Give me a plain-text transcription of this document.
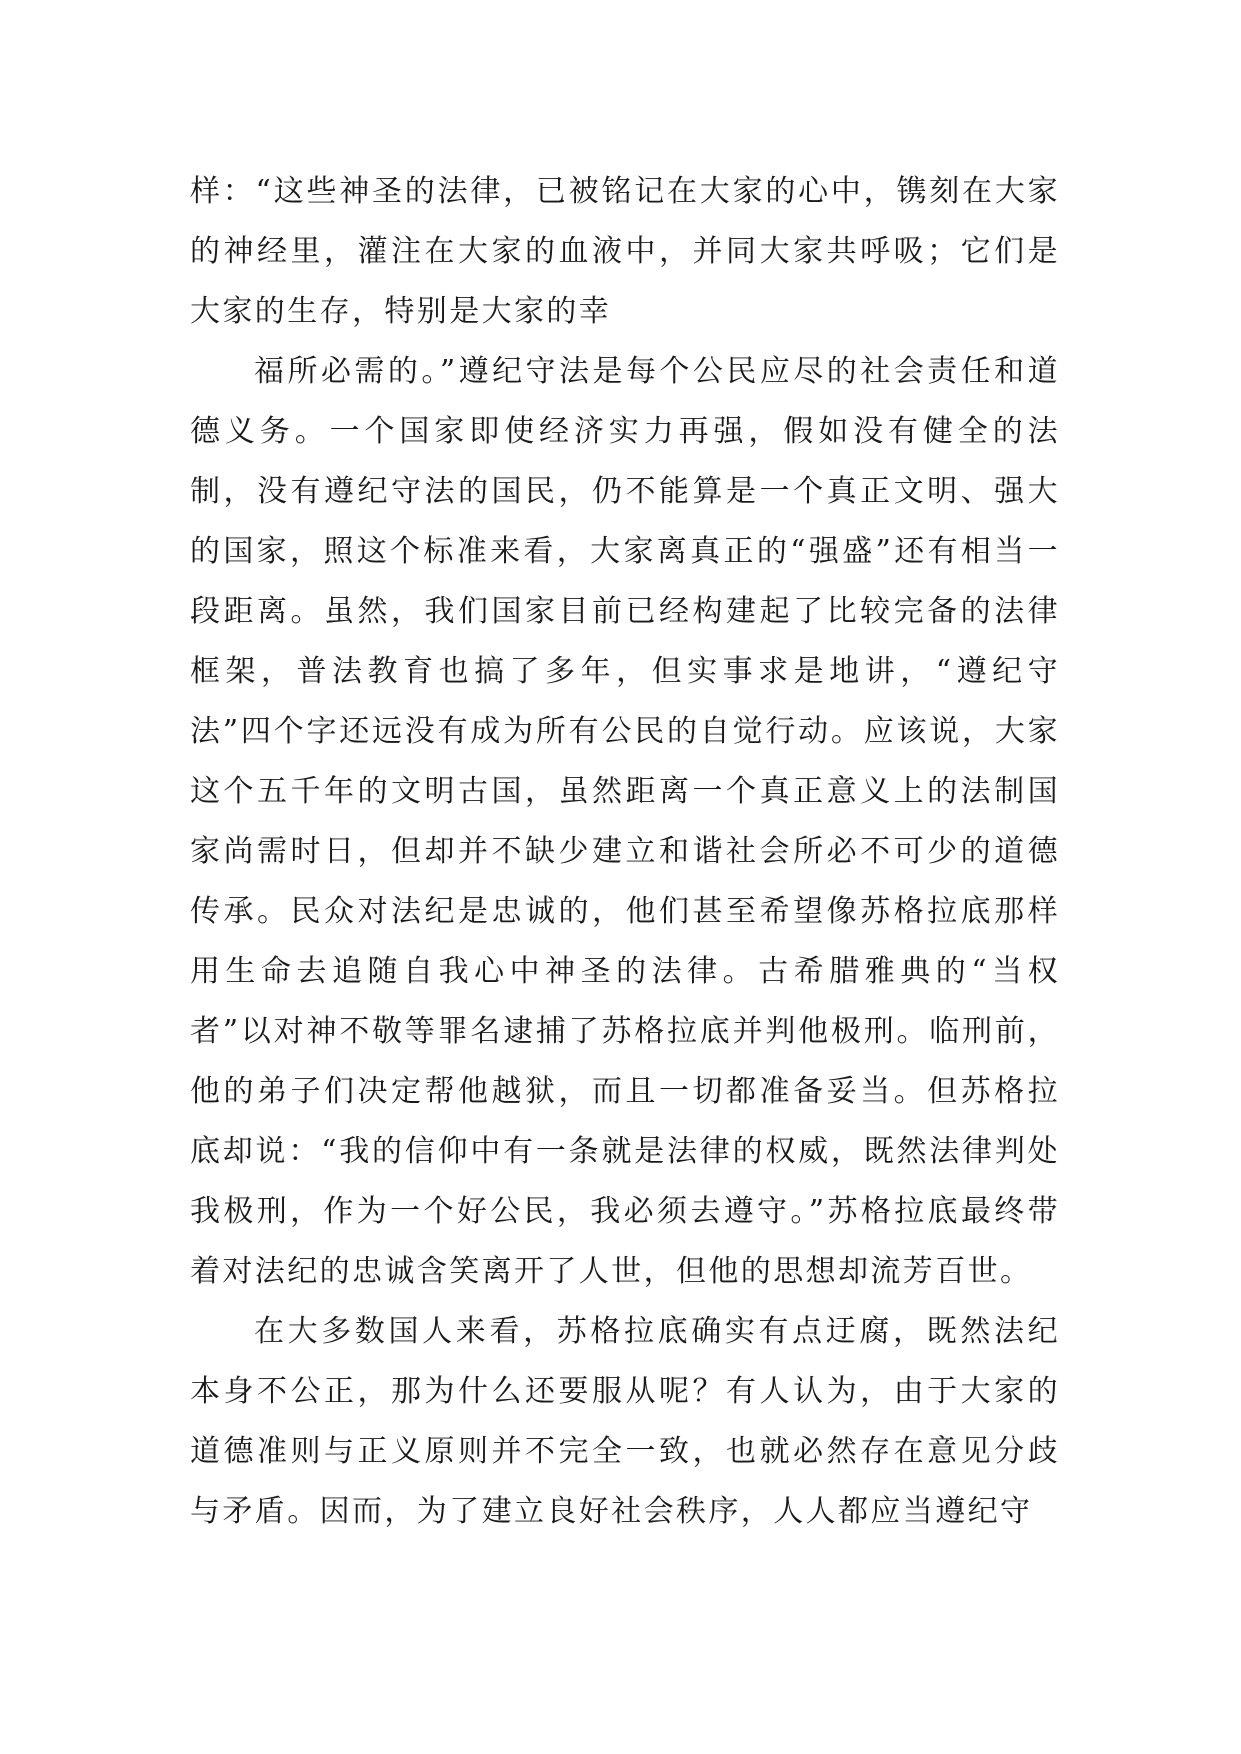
样：“这些神圣的法律，已被铭记在大家的心中，镌刻在大家的神经里，灌注在大家的血液中，并同大家共呼吸；它们是大家的生存，特别是大家的幸

福所必需的。”遵纪守法是每个公民应尽的社会责任和道德义务。一个国家即使经济实力再强，假如没有健全的法制，没有遵纪守法的国民，仍不能算是一个真正文明、强大的国家，照这个标准来看，大家离真正的“强盛”还有相当一段距离。虽然，我们国家目前已经构建起了比较完备的法律框架，普法教育也搞了多年，但实事求是地讲，“遵纪守法”四个字还远没有成为所有公民的自觉行动。应该说，大家这个五千年的文明古国，虽然距离一个真正意义上的法制国家尚需时日，但却并不缺少建立和谐社会所必不可少的道德传承。民众对法纪是忠诚的，他们甚至希望像苏格拉底那样用生命去追随自我心中神圣的法律。古希腊雅典的“当权者”以对神不敬等罪名逮捕了苏格拉底并判他极刑。临刑前，他的弟子们决定帮他越狱，而且一切都准备妥当。但苏格拉底却说：“我的信仰中有一条就是法律的权威，既然法律判处我极刑，作为一个好公民，我必须去遵守。”苏格拉底最终带着对法纪的忠诚含笑离开了人世，但他的思想却流芳百世。

在大多数国人来看，苏格拉底确实有点迂腐，既然法纪本身不公正，那为什么还要服从呢？有人认为，由于大家的道德准则与正义原则并不完全一致，也就必然存在意见分歧与矛盾。因而，为了建立良好社会秩序，人人都应当遵纪守
